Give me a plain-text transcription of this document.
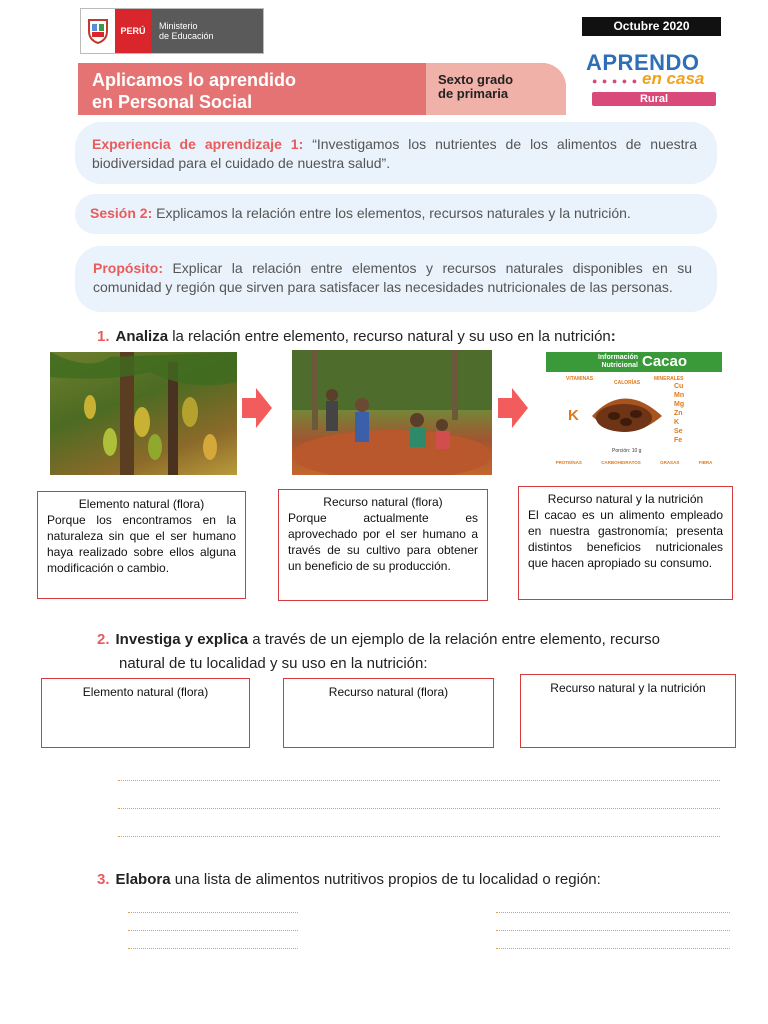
PERÚ	Ministerio
de Educación
Octubre 2020
APRENDO
en casa
● ● ● ● ●
Rural
Aplicamos lo aprendido
en Personal Social
Sexto grado
de primaria
Experiencia de aprendizaje 1: “Investigamos los nutrientes de los alimentos de nuestra biodiversidad para el cuidado de nuestra salud”.
Sesión 2: Explicamos la relación entre los elementos, recursos naturales y la nutrición.
Propósito: Explicar la relación entre elementos y recursos naturales disponibles en su comunidad y región que sirven para satisfacer las necesidades nutricionales de las personas.
1. Analiza la relación entre elemento, recurso natural y su uso en la nutrición:
Información
Nutricional Cacao
VITAMINAS
CALORÍAS
MINERALES
K
Cu
Mn
Mg
Zn
K
Se
Fe
Porción: 10 g
PROTEÍNAS	CARBOHIDRATOS	GRASAS	FIBRA
Elemento natural (flora)
Porque los encontramos en la naturaleza sin que el ser humano haya realizado sobre ellos alguna modificación o cambio.
Recurso natural (flora)
Porque actualmente es aprovechado por el ser humano a través de su cultivo para obtener un beneficio de su producción.
Recurso natural y la nutrición
El cacao es un alimento empleado en nuestra gastronomía; presenta distintos beneficios nutricionales que hacen apropiado su consumo.
2. Investiga y explica a través de un ejemplo de la relación entre elemento, recurso
natural de tu localidad y su uso en la nutrición:
Elemento natural (flora)	Recurso natural (flora)	Recurso natural y la nutrición
3. Elabora una lista de alimentos nutritivos propios de tu localidad o región:
